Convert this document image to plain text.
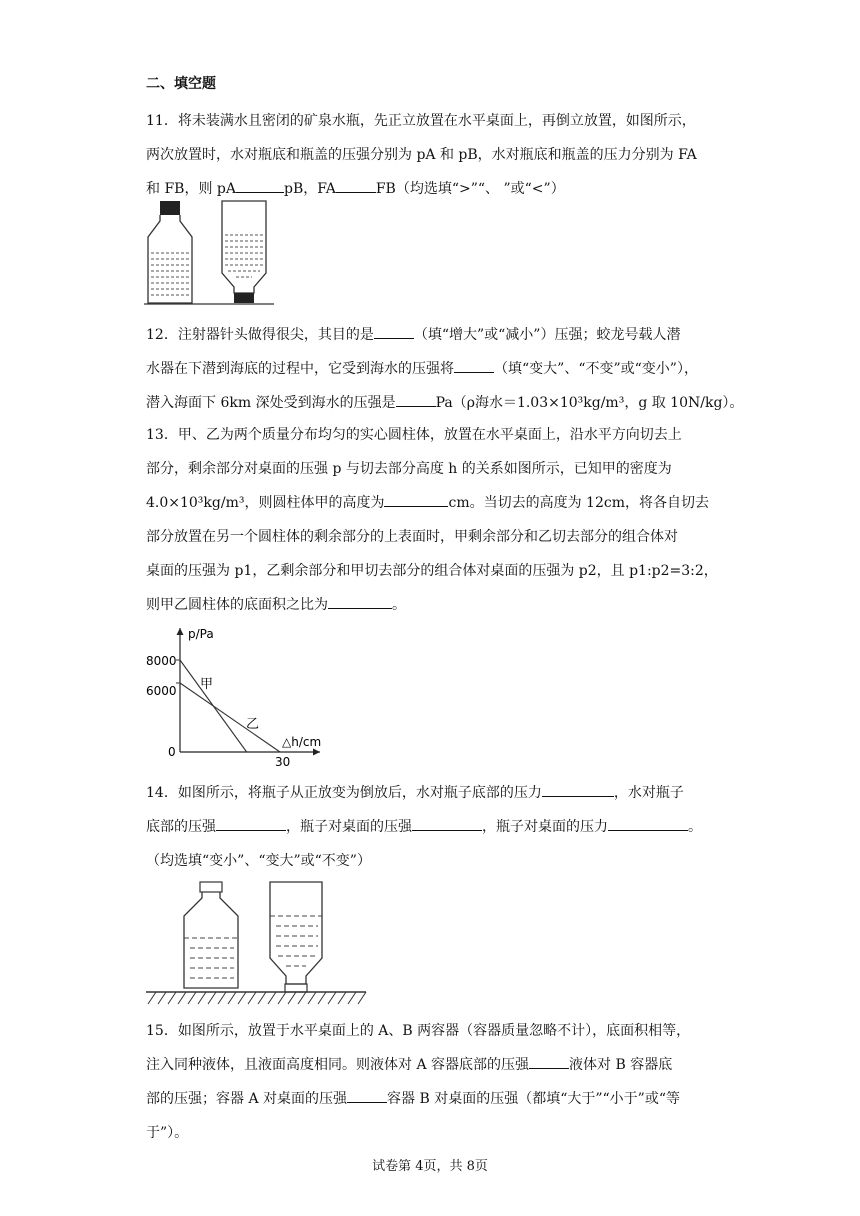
二、填空题
11．将未装满水且密闭的矿泉水瓶，先正立放置在水平桌面上，再倒立放置，如图所示，
两次放置时，水对瓶底和瓶盖的压强分别为 pA 和 pB，水对瓶底和瓶盖的压力分别为 FA
和 FB，则 pA	pB，FA	FB（均选填“>”“、 ”或“<”）
12．注射器针头做得很尖，其目的是	（填“增大”或“减小”）压强；蛟龙号载人潜
水器在下潜到海底的过程中，它受到海水的压强将	（填“变大”、“不变”或“变小”），
潜入海面下 6km 深处受到海水的压强是	Pa（ρ海水＝1.03×10³kg/m³，g 取 10N/kg）。
13．甲、乙为两个质量分布均匀的实心圆柱体，放置在水平桌面上，沿水平方向切去上
部分，剩余部分对桌面的压强 p 与切去部分高度 h 的关系如图所示，已知甲的密度为
4.0×10³kg/m³，则圆柱体甲的高度为	cm。当切去的高度为 12cm，将各自切去
部分放置在另一个圆柱体的剩余部分的上表面时，甲剩余部分和乙切去部分的组合体对
桌面的压强为 p1，乙剩余部分和甲切去部分的组合体对桌面的压强为 p2，且 p1:p2=3:2，
则甲乙圆柱体的底面积之比为	。
p/Pa
△h/cm
8000
6000
0
30
甲
乙
14．如图所示，将瓶子从正放变为倒放后，水对瓶子底部的压力	，水对瓶子
底部的压强	，瓶子对桌面的压强	，瓶子对桌面的压力	。
（均选填“变小”、“变大”或“不变”）
15．如图所示，放置于水平桌面上的 A、B 两容器（容器质量忽略不计），底面积相等，
注入同种液体，且液面高度相同。则液体对 A 容器底部的压强	液体对 B 容器底
部的压强；容器 A 对桌面的压强	容器 B 对桌面的压强（都填“大于”“小于”或“等
于”）。
试卷第 4页，共 8页
